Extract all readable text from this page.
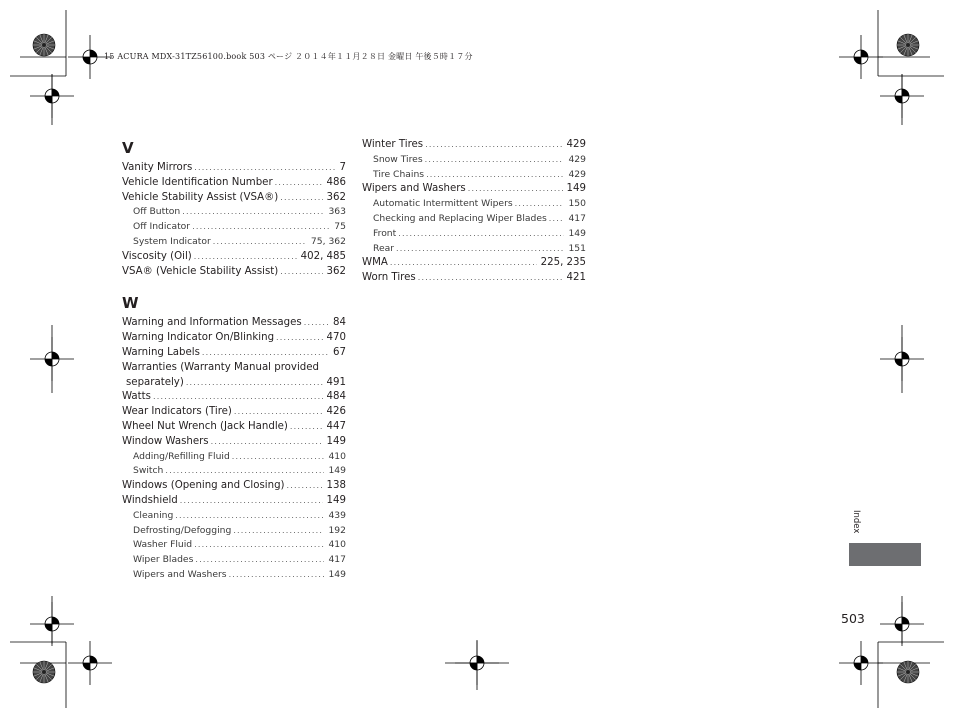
15 ACURA MDX-31TZ56100.book 503 ページ ２０１４年１１月２８日 金曜日 午後５時１７分
V
Vanity Mirrors .....	7
Vehicle Identification Number .....	486
Vehicle Stability Assist (VSA®) .....	362
Off Button .....	363
Off Indicator .....	75
System Indicator .....	75, 362
Viscosity (Oil) .....	402, 485
VSA® (Vehicle Stability Assist) .....	362
W
Warning and Information Messages .....	84
Warning Indicator On/Blinking .....	470
Warning Labels .....	67
Warranties (Warranty Manual provided
separately) .....	491
Watts .....	484
Wear Indicators (Tire) .....	426
Wheel Nut Wrench (Jack Handle) .....	447
Window Washers .....	149
Adding/Refilling Fluid .....	410
Switch .....	149
Windows (Opening and Closing) .....	138
Windshield .....	149
Cleaning .....	439
Defrosting/Defogging .....	192
Washer Fluid .....	410
Wiper Blades .....	417
Wipers and Washers .....	149
Winter Tires .....	429
Snow Tires .....	429
Tire Chains .....	429
Wipers and Washers .....	149
Automatic Intermittent Wipers .....	150
Checking and Replacing Wiper Blades ..... 417
Front .....	149
Rear .....	151
WMA .....	225, 235
Worn Tires .....	421
Index
503
